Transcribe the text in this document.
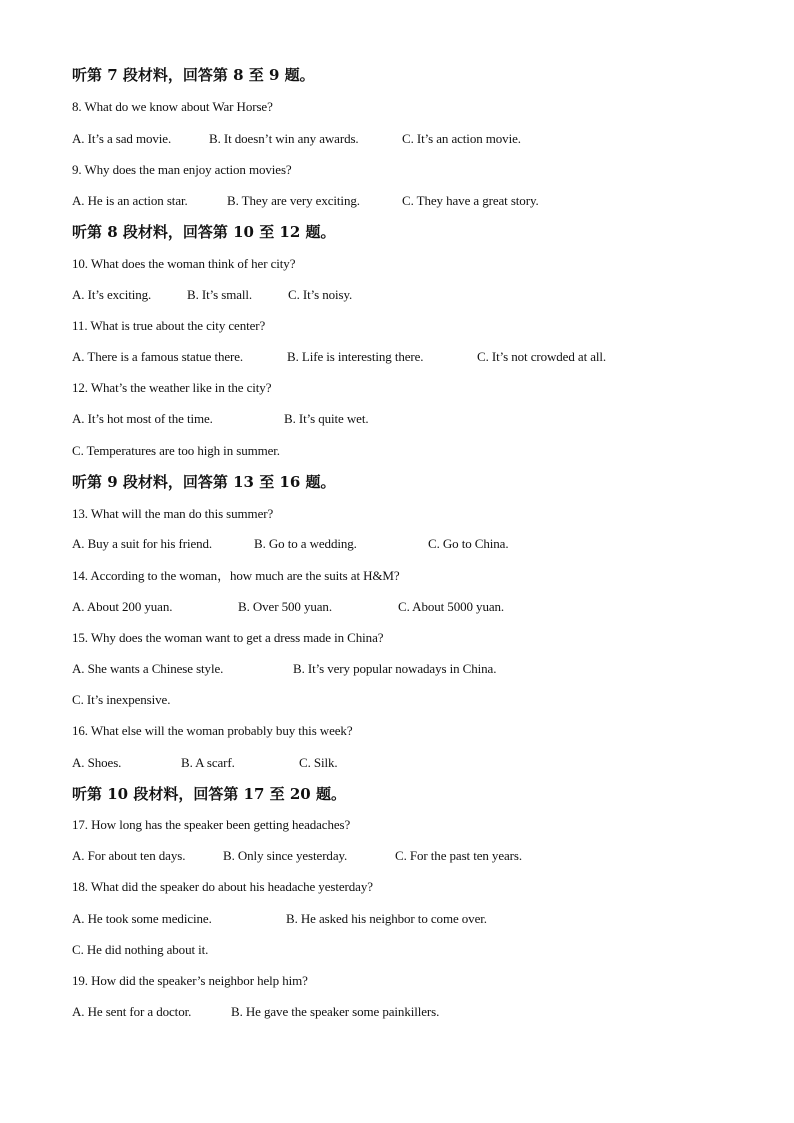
听第 7 段材料，回答第 8 至 9 题。
8. What do we know about War Horse?
A. It’s a sad movie.	B. It doesn’t win any awards.	C. It’s an action movie.
9. Why does the man enjoy action movies?
A. He is an action star.	B. They are very exciting.	C. They have a great story.
听第 8 段材料，回答第 10 至 12 题。
10. What does the woman think of her city?
A. It’s exciting.	B. It’s small.	C. It’s noisy.
11. What is true about the city center?
A. There is a famous statue there.	B. Life is interesting there.	C. It’s not crowded at all.
12. What’s the weather like in the city?
A. It’s hot most of the time.	B. It’s quite wet.
C. Temperatures are too high in summer.
听第 9 段材料，回答第 13 至 16 题。
13. What will the man do this summer?
A. Buy a suit for his friend.	B. Go to a wedding.	C. Go to China.
14. According to the woman，how much are the suits at H&M?
A. About 200 yuan.	B. Over 500 yuan.	C. About 5000 yuan.
15. Why does the woman want to get a dress made in China?
A. She wants a Chinese style.	B. It’s very popular nowadays in China.
C. It’s inexpensive.
16. What else will the woman probably buy this week?
A. Shoes.	B. A scarf.	C. Silk.
听第 10 段材料，回答第 17 至 20 题。
17. How long has the speaker been getting headaches?
A. For about ten days.	B. Only since yesterday.	C. For the past ten years.
18. What did the speaker do about his headache yesterday?
A. He took some medicine.	B. He asked his neighbor to come over.
C. He did nothing about it.
19. How did the speaker’s neighbor help him?
A. He sent for a doctor.	B. He gave the speaker some painkillers.
